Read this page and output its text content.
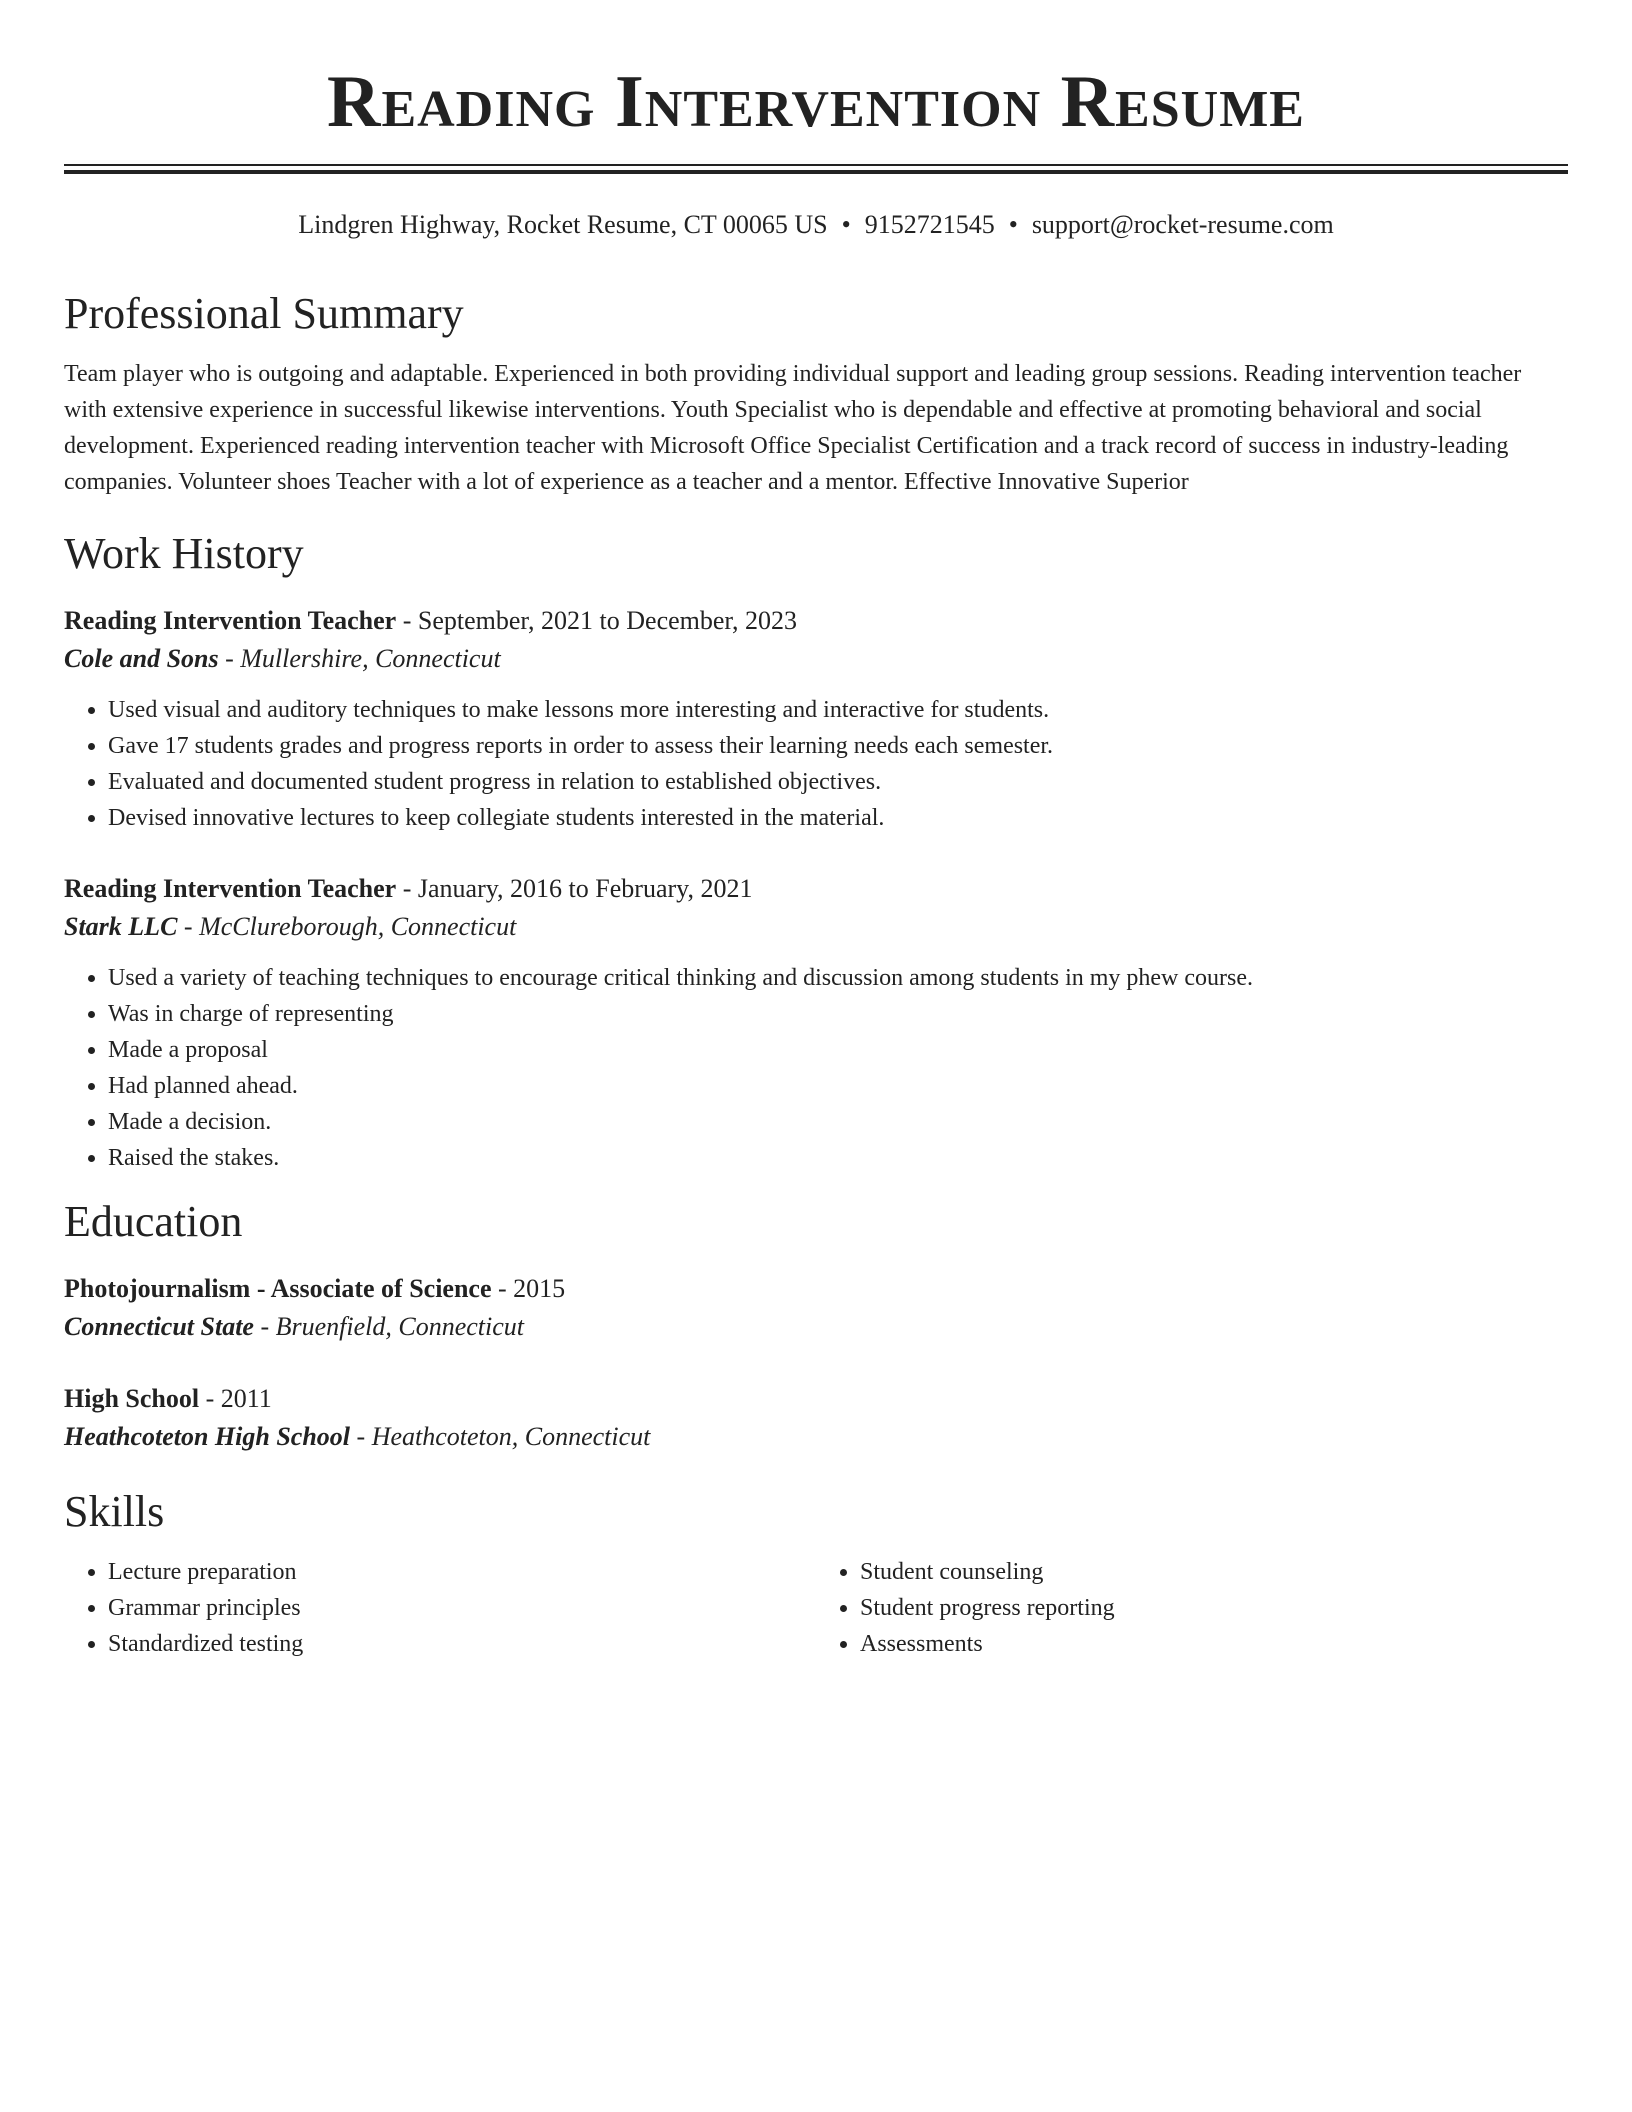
Reading Intervention Resume
Lindgren Highway, Rocket Resume, CT 00065 US • 9152721545 • support@rocket-resume.com
Professional Summary

Team player who is outgoing and adaptable. Experienced in both providing individual support and leading group sessions. Reading intervention teacher with extensive experience in successful likewise interventions. Youth Specialist who is dependable and effective at promoting behavioral and social development. Experienced reading intervention teacher with Microsoft Office Specialist Certification and a track record of success in industry-leading companies. Volunteer shoes Teacher with a lot of experience as a teacher and a mentor. Effective Innovative Superior

Work History
Reading Intervention Teacher - September, 2021 to December, 2023
Cole and Sons - Mullershire, Connecticut
• Used visual and auditory techniques to make lessons more interesting and interactive for students.
• Gave 17 students grades and progress reports in order to assess their learning needs each semester.
• Evaluated and documented student progress in relation to established objectives.
• Devised innovative lectures to keep collegiate students interested in the material.
Reading Intervention Teacher - January, 2016 to February, 2021
Stark LLC - McClureborough, Connecticut
• Used a variety of teaching techniques to encourage critical thinking and discussion among students in my phew course.
• Was in charge of representing
• Made a proposal
• Had planned ahead.
• Made a decision.
• Raised the stakes.
Education
Photojournalism - Associate of Science - 2015
Connecticut State - Bruenfield, Connecticut
High School - 2011
Heathcoteton High School - Heathcoteton, Connecticut
Skills
• Lecture preparation
• Grammar principles
• Standardized testing
• Student counseling
• Student progress reporting
• Assessments
